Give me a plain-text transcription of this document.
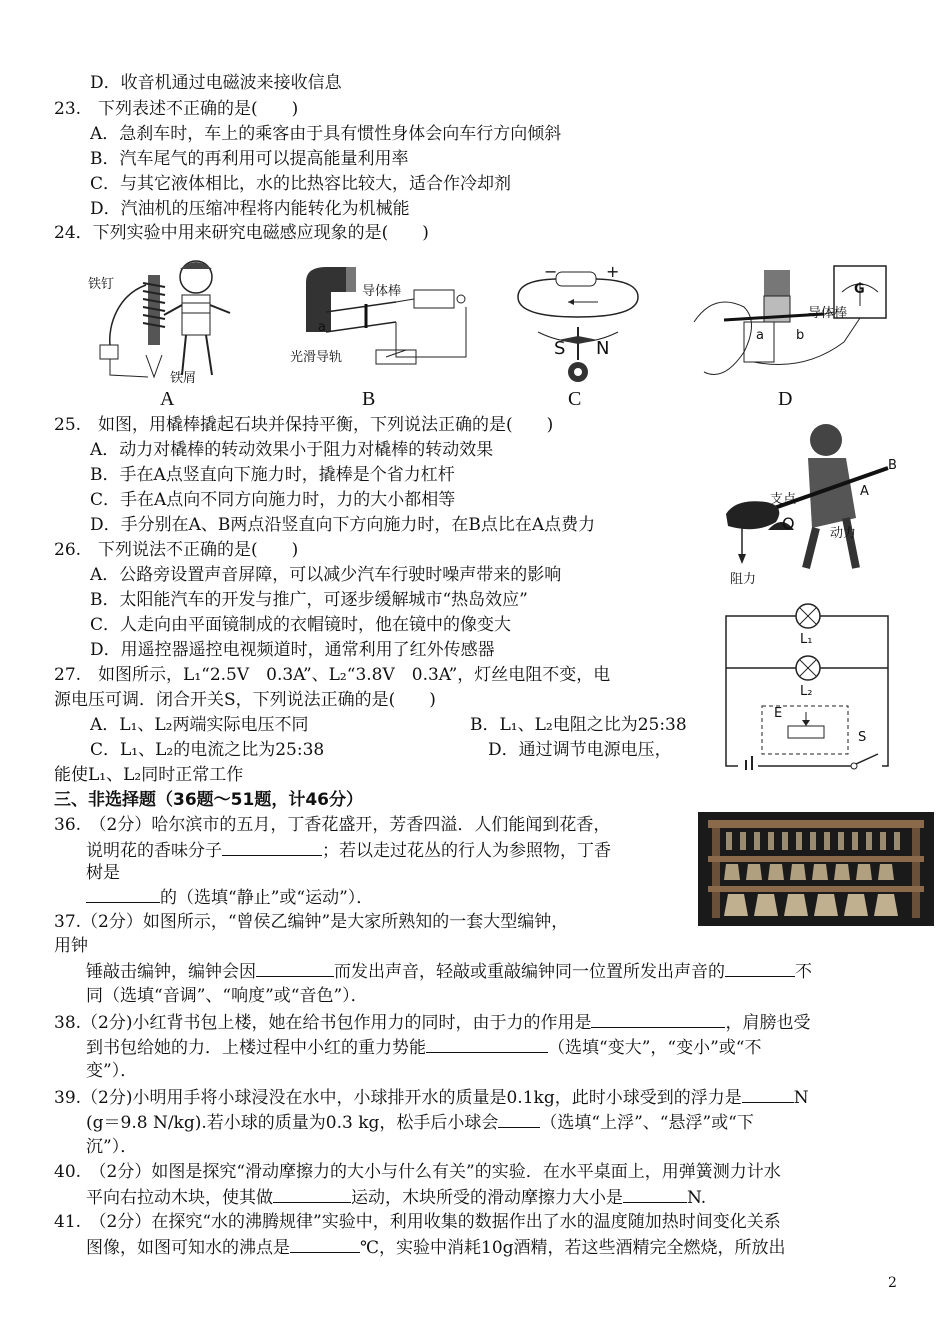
D．收音机通过电磁波来接收信息
23.　下列表述不正确的是(　　)
A．急刹车时，车上的乘客由于具有惯性身体会向车行方向倾斜
B．汽车尾气的再利用可以提高能量利用率
C．与其它液体相比，水的比热容比较大，适合作冷却剂
D．汽油机的压缩冲程将内能转化为机械能
24．下列实验中用来研究电磁感应现象的是(　　)
铁钉
铁屑
A
导体棒
光滑导轨
a
B
−	+
S N
C
导体棒
a b
G
D
25.　如图，用橇棒撬起石块并保持平衡，下列说法正确的是(　　)
A．动力对橇棒的转动效果小于阻力对橇棒的转动效果
B．手在A点竖直向下施力时，撬棒是个省力杠杆
C．手在A点向不同方向施力时，力的大小都相等
D．手分别在A、B两点沿竖直向下方向施力时，在B点比在A点费力
支点
O
A
B
动力
阻力
26.　下列说法不正确的是(　　)
A．公路旁设置声音屏障，可以减少汽车行驶时噪声带来的影响
B．太阳能汽车的开发与推广，可逐步缓解城市“热岛效应”
C．人走向由平面镜制成的衣帽镜时，他在镜中的像变大
D．用遥控器遥控电视频道时，通常利用了红外传感器
27.　如图所示，L₁“2.5V　0.3A”、L₂“3.8V　0.3A”，灯丝电阻不变，电
源电压可调．闭合开关S，下列说法正确的是(　　)
A．L₁、L₂两端实际电压不同	B．L₁、L₂电阻之比为25:38
C．L₁、L₂的电流之比为25:38	D．通过调节电源电压，
能使L₁、L₂同时正常工作
L₁
L₂
E
S
三、非选择题（36题～51题，计46分）
36.　（2分）哈尔滨市的五月，丁香花盛开，芳香四溢．人们能闻到花香，
说明花的香味分子	；若以走过花丛的行人为参照物，丁香
树是
的（选填“静止”或“运动”）．
37.（2分）如图所示，“曾侯乙编钟”是大家所熟知的一套大型编钟，
用钟
锤敲击编钟，编钟会因	而发出声音，轻敲或重敲编钟同一位置所发出声音的	不
同（选填“音调”、“响度”或“音色”）．
38.（2分)小红背书包上楼，她在给书包作用力的同时，由于力的作用是	，肩膀也受
到书包给她的力．上楼过程中小红的重力势能	（选填“变大”，“变小”或“不
变”）．
39.（2分)小明用手将小球浸没在水中，小球排开水的质量是0.1kg，此时小球受到的浮力是	N
(g＝9.8 N/kg).若小球的质量为0.3 kg，松手后小球会 （选填“上浮”、“悬浮”或“下
沉”）．
40.　（2分）如图是探究“滑动摩擦力的大小与什么有关”的实验．在水平桌面上，用弹簧测力计水
平向右拉动木块，使其做	运动，木块所受的滑动摩擦力大小是	N.
41.　（2分）在探究“水的沸腾规律”实验中，利用收集的数据作出了水的温度随加热时间变化关系
图像，如图可知水的沸点是	℃，实验中消耗10g酒精，若这些酒精完全燃烧，所放出
2
